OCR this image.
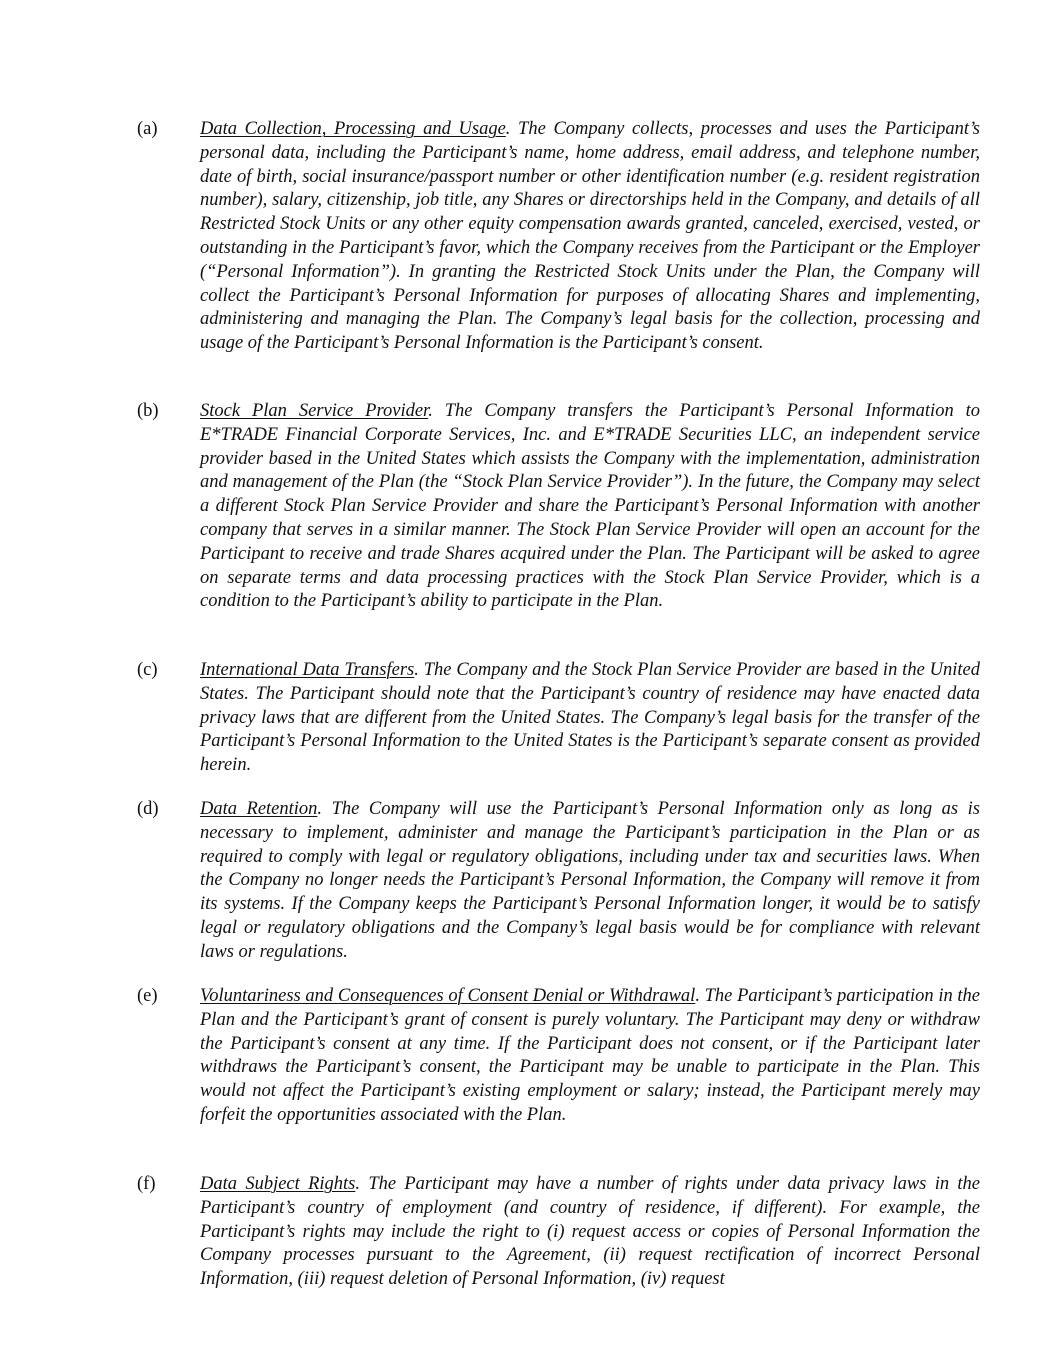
(a) Data Collection, Processing and Usage. The Company collects, processes and uses the Participant’s personal data, including the Participant’s name, home address, email address, and telephone number, date of birth, social insurance/passport number or other identification number (e.g. resident registration number), salary, citizenship, job title, any Shares or directorships held in the Company, and details of all Restricted Stock Units or any other equity compensation awards granted, canceled, exercised, vested, or outstanding in the Participant’s favor, which the Company receives from the Participant or the Employer (“Personal Information”). In granting the Restricted Stock Units under the Plan, the Company will collect the Participant’s Personal Information for purposes of allocating Shares and implementing, administering and managing the Plan. The Company’s legal basis for the collection, processing and usage of the Participant’s Personal Information is the Participant’s consent.

(b) Stock Plan Service Provider. The Company transfers the Participant’s Personal Information to E*TRADE Financial Corporate Services, Inc. and E*TRADE Securities LLC, an independent service provider based in the United States which assists the Company with the implementation, administration and management of the Plan (the “Stock Plan Service Provider”). In the future, the Company may select a different Stock Plan Service Provider and share the Participant’s Personal Information with another company that serves in a similar manner. The Stock Plan Service Provider will open an account for the Participant to receive and trade Shares acquired under the Plan. The Participant will be asked to agree on separate terms and data processing practices with the Stock Plan Service Provider, which is a condition to the Participant’s ability to participate in the Plan.

(c) International Data Transfers. The Company and the Stock Plan Service Provider are based in the United States. The Participant should note that the Participant’s country of residence may have enacted data privacy laws that are different from the United States. The Company’s legal basis for the transfer of the Participant’s Personal Information to the United States is the Participant’s separate consent as provided herein.

(d) Data Retention. The Company will use the Participant’s Personal Information only as long as is necessary to implement, administer and manage the Participant’s participation in the Plan or as required to comply with legal or regulatory obligations, including under tax and securities laws. When the Company no longer needs the Participant’s Personal Information, the Company will remove it from its systems. If the Company keeps the Participant’s Personal Information longer, it would be to satisfy legal or regulatory obligations and the Company’s legal basis would be for compliance with relevant laws or regulations.

(e) Voluntariness and Consequences of Consent Denial or Withdrawal. The Participant’s participation in the Plan and the Participant’s grant of consent is purely voluntary. The Participant may deny or withdraw the Participant’s consent at any time. If the Participant does not consent, or if the Participant later withdraws the Participant’s consent, the Participant may be unable to participate in the Plan. This would not affect the Participant’s existing employment or salary; instead, the Participant merely may forfeit the opportunities associated with the Plan.

(f) Data Subject Rights. The Participant may have a number of rights under data privacy laws in the Participant’s country of employment (and country of residence, if different). For example, the Participant’s rights may include the right to (i) request access or copies of Personal Information the Company processes pursuant to the Agreement, (ii) request rectification of incorrect Personal Information, (iii) request deletion of Personal Information, (iv) request
